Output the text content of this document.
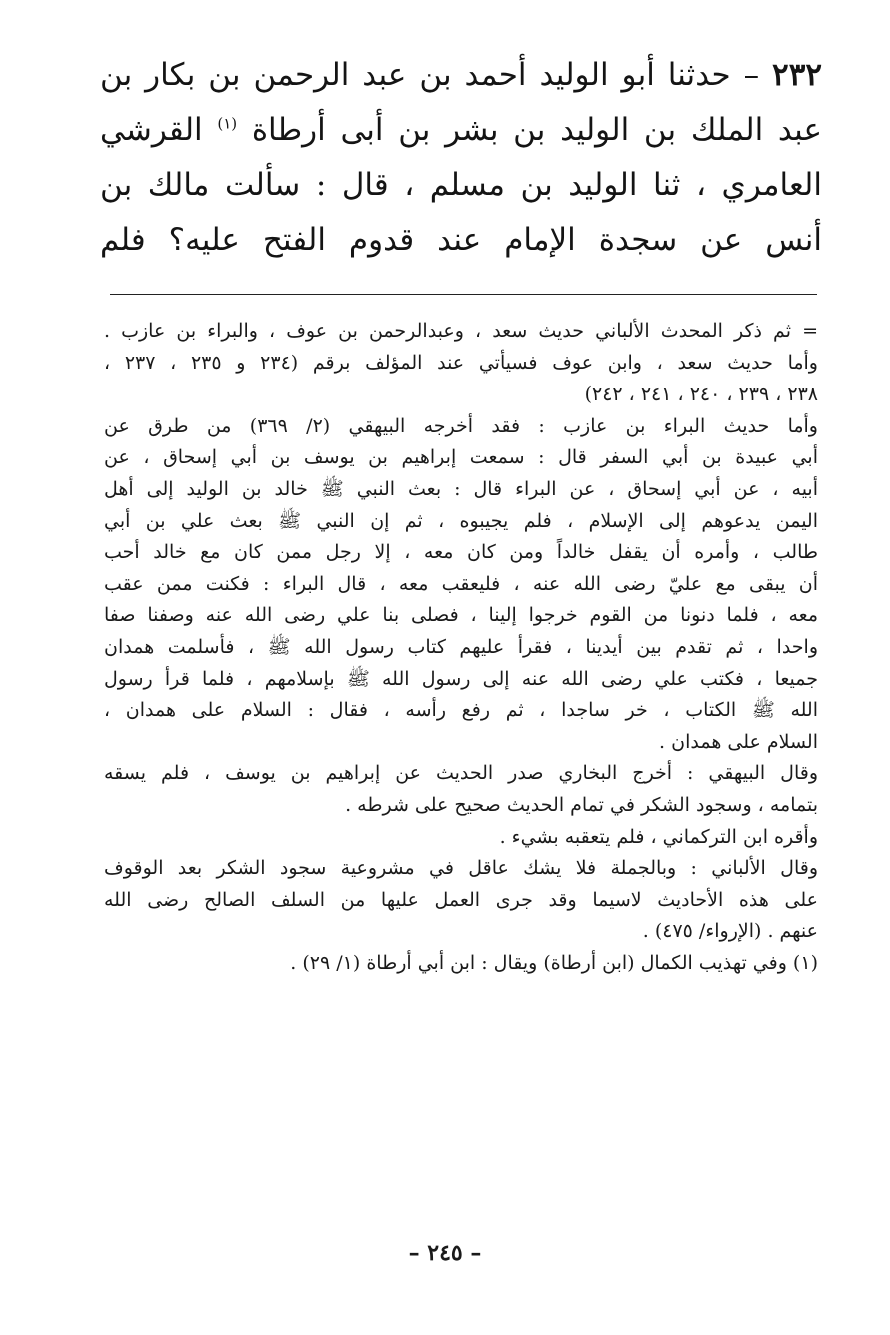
٢٣٢ – حدثنا أبو الوليد أحمد بن عبد الرحمن بن بكار بن
عبد الملك بن الوليد بن بشر بن أبى أرطاة $^{(١)}$ القرشي
العامري ، ثنا الوليد بن مسلم ، قال : سألت مالك بن
أنس عن سجدة الإمام عند قدوم الفتح عليه؟ فلم
= ثم ذكر المحدث الألباني حديث سعد ، وعبدالرحمن بن عوف ، والبراء بن عازب .
وأما حديث سعد ، وابن عوف فسيأتي عند المؤلف برقم (٢٣٤ و ٢٣٥ ، ٢٣٧ ،
٢٣٨ ، ٢٣٩ ، ٢٤٠ ، ٢٤١ ، ٢٤٢)
وأما حديث البراء بن عازب : فقد أخرجه البيهقي (٢/ ٣٦٩) من طرق عن
أبي عبيدة بن أبي السفر قال : سمعت إبراهيم بن يوسف بن أبي إسحاق ، عن
أبيه ، عن أبي إسحاق ، عن البراء قال : بعث النبي ﷺ خالد بن الوليد إلى أهل
اليمن يدعوهم إلى الإسلام ، فلم يجيبوه ، ثم إن النبي ﷺ بعث علي بن أبي
طالب ، وأمره أن يقفل خالداً ومن كان معه ، إلا رجل ممن كان مع خالد أحب
أن يبقى مع عليّ رضى الله عنه ، فليعقب معه ، قال البراء : فكنت ممن عقب
معه ، فلما دنونا من القوم خرجوا إلينا ، فصلى بنا علي رضى الله عنه وصفنا صفا
واحدا ، ثم تقدم بين أيدينا ، فقرأ عليهم كتاب رسول الله ﷺ ، فأسلمت همدان
جميعا ، فكتب علي رضى الله عنه إلى رسول الله ﷺ بإسلامهم ، فلما قرأ رسول
الله ﷺ الكتاب ، خر ساجدا ، ثم رفع رأسه ، فقال : السلام على همدان ،
السلام على همدان .
وقال البيهقي : أخرج البخاري صدر الحديث عن إبراهيم بن يوسف ، فلم يسقه
بتمامه ، وسجود الشكر في تمام الحديث صحيح على شرطه .
وأقره ابن التركماني ، فلم يتعقبه بشيء .
وقال الألباني : وبالجملة فلا يشك عاقل في مشروعية سجود الشكر بعد الوقوف
على هذه الأحاديث لاسيما وقد جرى العمل عليها من السلف الصالح رضى الله
عنهم . (الإرواء/ ٤٧٥) .
(١) وفي تهذيب الكمال (ابن أرطاة) ويقال : ابن أبي أرطاة (١/ ٢٩) .
– ٢٤٥ –
